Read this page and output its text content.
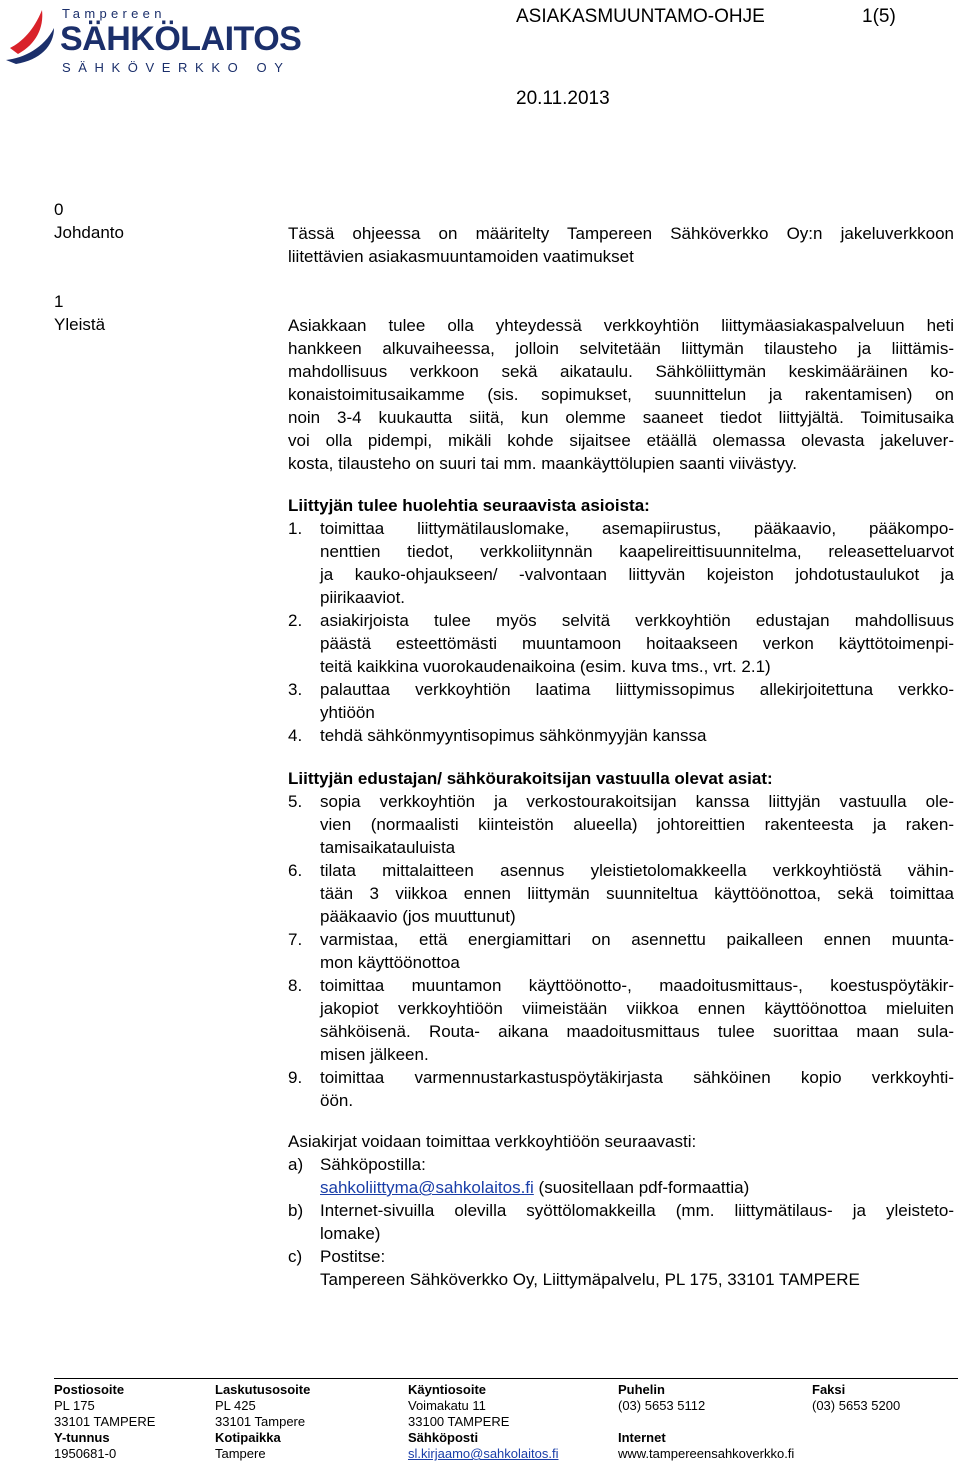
Tampereen
SÄHKÖLAITOS
SÄHKÖVERKKO OY
ASIAKASMUUNTAMO-OHJE	1(5)
20.11.2013
0
Johdanto	Tässä ohjeessa on määritelty Tampereen Sähköverkko Oy:n jakeluverkkoon
liitettävien asiakasmuuntamoiden vaatimukset
1
Yleistä	Asiakkaan tulee olla yhteydessä verkkoyhtiön liittymäasiakaspalveluun heti
hankkeen alkuvaiheessa, jolloin selvitetään liittymän tilausteho ja liittämis-
mahdollisuus verkkoon sekä aikataulu. Sähköliittymän keskimääräinen ko-
konaistoimitusaikamme (sis. sopimukset, suunnittelun ja rakentamisen) on
noin 3-4 kuukautta siitä, kun olemme saaneet tiedot liittyjältä. Toimitusaika
voi olla pidempi, mikäli kohde sijaitsee etäällä olemassa olevasta jakeluver-
kosta, tilausteho on suuri tai mm. maankäyttölupien saanti viivästyy.
Liittyjän tulee huolehtia seuraavista asioista:
1. toimittaa liittymätilauslomake, asemapiirustus, pääkaavio, pääkompo-
nenttien tiedot, verkkoliitynnän kaapelireittisuunnitelma, releasetteluarvot
ja kauko-ohjaukseen/ -valvontaan liittyvän kojeiston johdotustaulukot ja
piirikaaviot.
2. asiakirjoista tulee myös selvitä verkkoyhtiön edustajan mahdollisuus
päästä esteettömästi muuntamoon hoitaakseen verkon käyttötoimenpi-
teitä kaikkina vuorokaudenaikoina (esim. kuva tms., vrt. 2.1)
3. palauttaa verkkoyhtiön laatima liittymissopimus allekirjoitettuna verkko-
yhtiöön
4. tehdä sähkönmyyntisopimus sähkönmyyjän kanssa
Liittyjän edustajan/ sähköurakoitsijan vastuulla olevat asiat:
5. sopia verkkoyhtiön ja verkostourakoitsijan kanssa liittyjän vastuulla ole-
vien (normaalisti kiinteistön alueella) johtoreittien rakenteesta ja raken-
tamisaikatauluista
6. tilata mittalaitteen asennus yleistietolomakkeella verkkoyhtiöstä vähin-
tään 3 viikkoa ennen liittymän suunniteltua käyttöönottoa, sekä toimittaa
pääkaavio (jos muuttunut)
7. varmistaa, että energiamittari on asennettu paikalleen ennen muunta-
mon käyttöönottoa
8. toimittaa muuntamon käyttöönotto-, maadoitusmittaus-, koestuspöytäkir-
jakopiot verkkoyhtiöön viimeistään viikkoa ennen käyttöönottoa mieluiten
sähköisenä. Routa- aikana maadoitusmittaus tulee suorittaa maan sula-
misen jälkeen.
9. toimittaa varmennustarkastuspöytäkirjasta sähköinen kopio verkkoyhti-
öön.
Asiakirjat voidaan toimittaa verkkoyhtiöön seuraavasti:
a) Sähköpostilla:
sahkoliittyma@sahkolaitos.fi (suositellaan pdf-formaattia)
b) Internet-sivuilla olevilla syöttölomakkeilla (mm. liittymätilaus- ja yleisteto-
lomake)
c) Postitse:
Tampereen Sähköverkko Oy, Liittymäpalvelu, PL 175, 33101 TAMPERE
Postiosoite
PL 175
33101 TAMPERE
Y-tunnus
1950681-0
Laskutusosoite
PL 425
33101 Tampere
Kotipaikka
Tampere
Käyntiosoite
Voimakatu 11
33100 TAMPERE
Sähköposti
sl.kirjaamo@sahkolaitos.fi
Puhelin
(03) 5653 5112
Internet
www.tampereensahkoverkko.fi
Faksi
(03) 5653 5200
